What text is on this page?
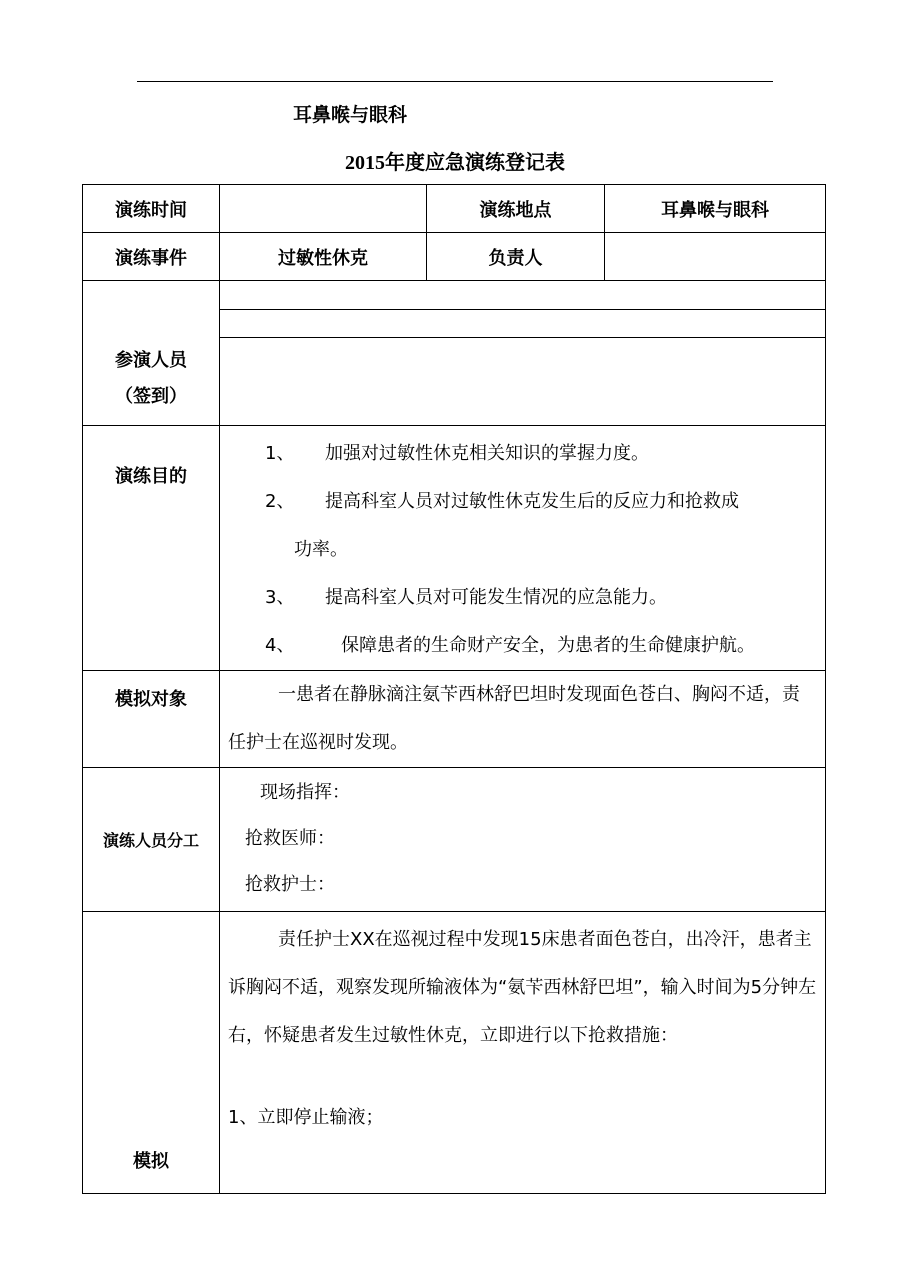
耳鼻喉与眼科
2015年度应急演练登记表
演练时间		演练地点	耳鼻喉与眼科
演练事件	过敏性休克	负责人	

参演人员
（签到）			

演练目的	1、 加强对过敏性休克相关知识的掌握力度。
2、 提高科室人员对过敏性休克发生后的反应力和抢救成
功率。
3、 提高科室人员对可能发生情况的应急能力。
4、 保障患者的生命财产安全，为患者的生命健康护航。		

模拟对象	一患者在静脉滴注氨苄西林舒巴坦时发现面色苍白、胸闷不适，责任护士在巡视时发现。		
演练人员分工	现场指挥：
抢救医师：
抢救护士：		

模拟	责任护士XX在巡视过程中发现15床患者面色苍白，出冷汗，患者主诉胸闷不适，观察发现所输液体为“氨苄西林舒巴坦”，输入时间为5分钟左右，怀疑患者发生过敏性休克，立即进行以下抢救措施：
1、立即停止输液；		
